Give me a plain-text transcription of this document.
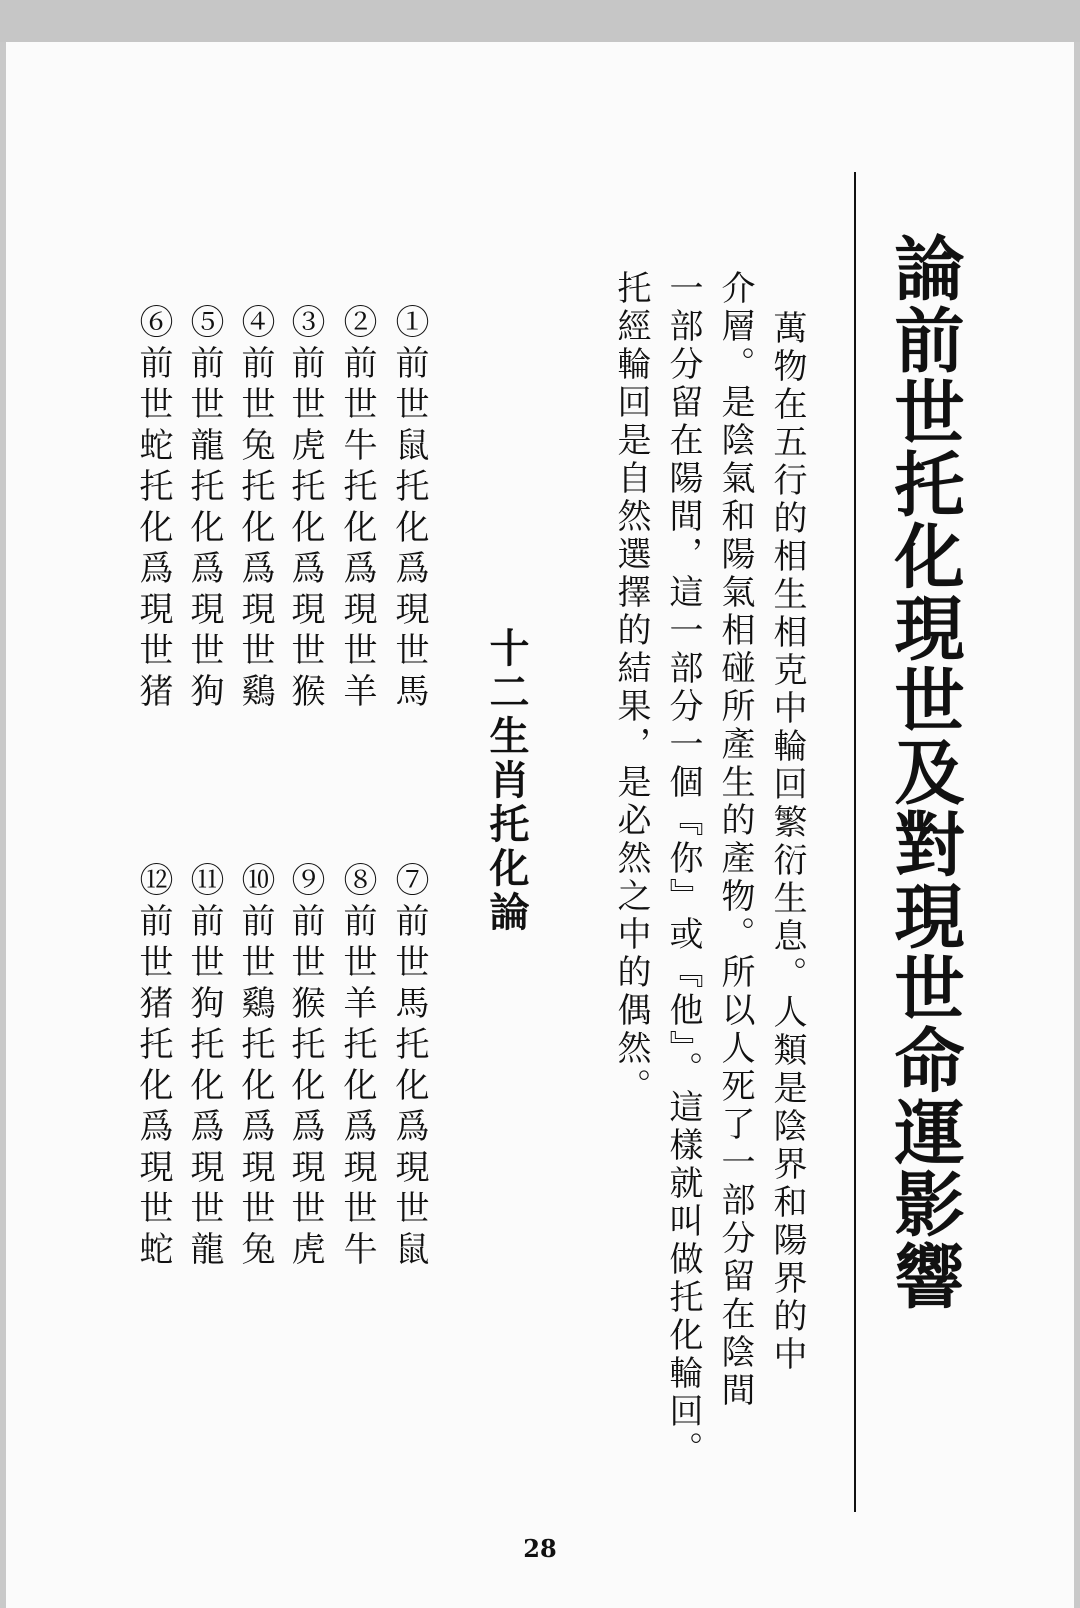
論前世托化現世及對現世命運影響
萬物在五行的相生相克中輪回繁衍生息。人類是陰界和陽界的中
介層。是陰氣和陽氣相碰所產生的產物。所以人死了一部分留在陰間
一部分留在陽間，這一部分一個『你』或『他』。這樣就叫做托化輪回。
托經輪回是自然選擇的結果，是必然之中的偶然。
十二生肖托化論
①前世鼠托化爲現世馬
②前世牛托化爲現世羊
③前世虎托化爲現世猴
④前世兔托化爲現世鷄
⑤前世龍托化爲現世狗
⑥前世蛇托化爲現世猪
⑦前世馬托化爲現世鼠
⑧前世羊托化爲現世牛
⑨前世猴托化爲現世虎
⑩前世鷄托化爲現世兔
⑪前世狗托化爲現世龍
⑫前世猪托化爲現世蛇
28
